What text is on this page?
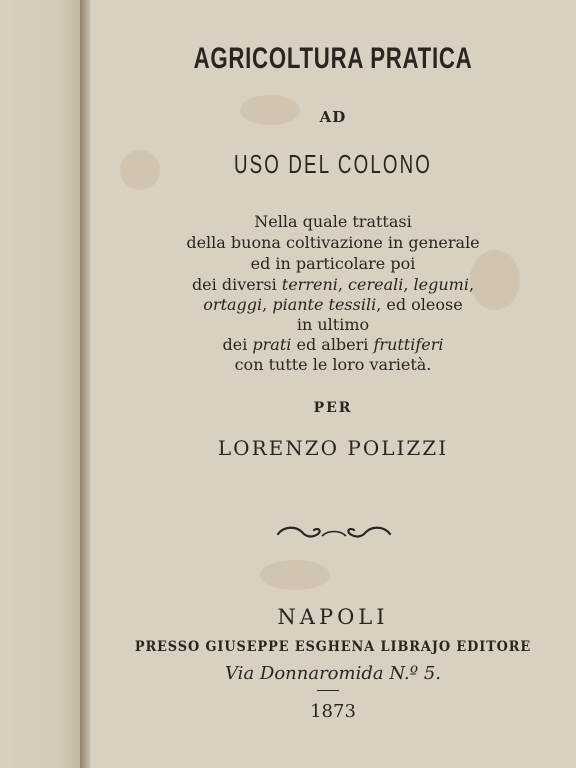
AGRICOLTURA PRATICA
AD
USO DEL COLONO
Nella quale trattasi
della buona coltivazione in generale
ed in particolare poi
dei diversi terreni, cereali, legumi,
ortaggi, piante tessili, ed oleose
in ultimo
dei prati ed alberi fruttiferi
con tutte le loro varietà.
PER
LORENZO POLIZZI
NAPOLI
PRESSO GIUSEPPE ESGHENA LIBRAJO EDITORE
Via Donnaromida N.º 5.
1873
